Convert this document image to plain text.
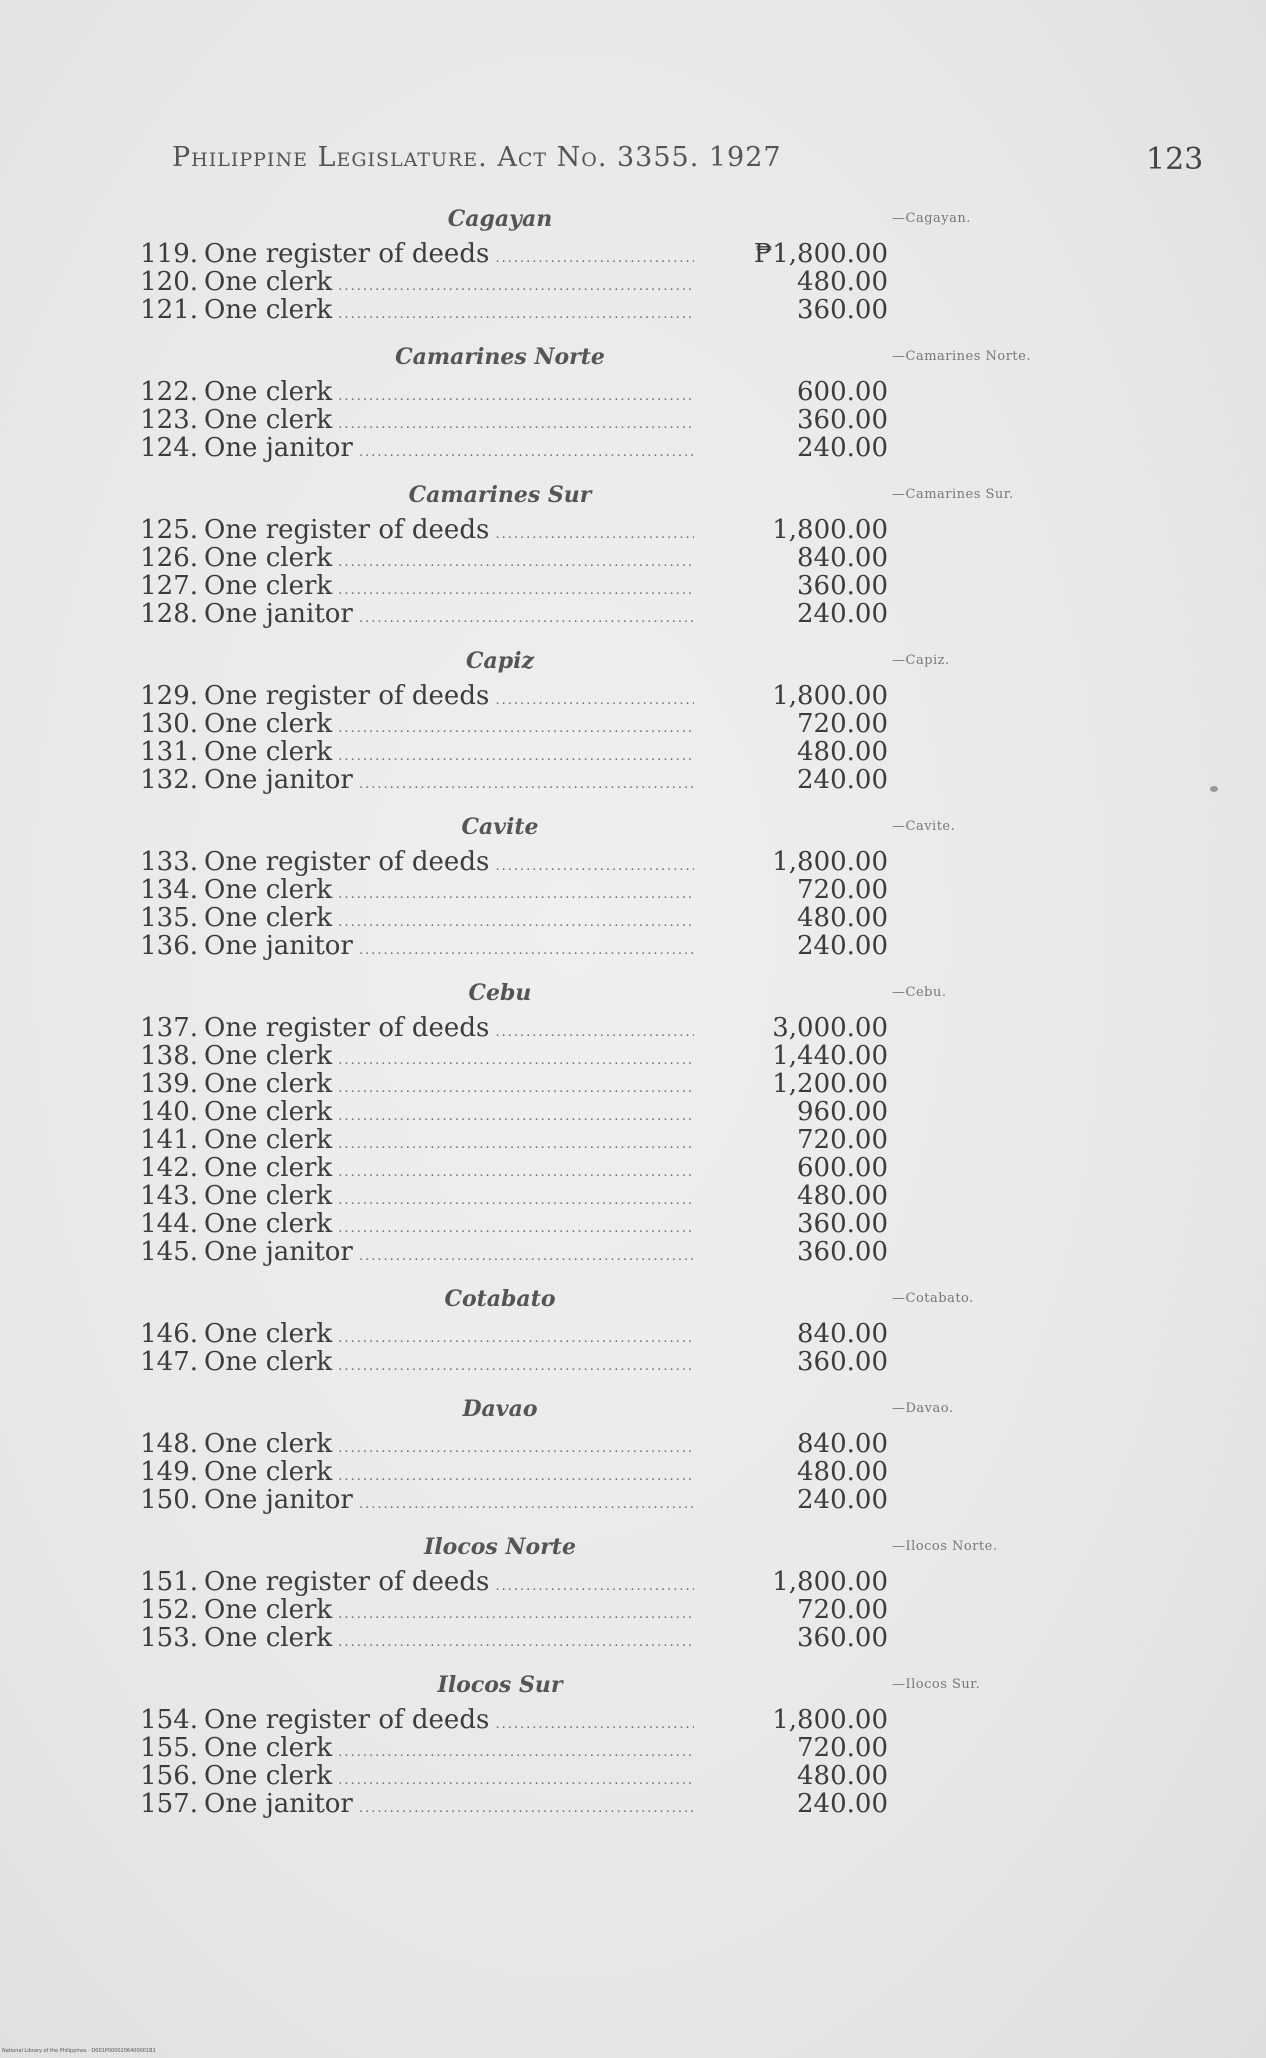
Philippine Legislature. Act No. 3355. 1927	123
Cagayan	—Cagayan.
119. One register of deeds .....	₱1,800.00
120. One clerk .....	480.00
121. One clerk .....	360.00
Camarines Norte	—Camarines Norte.
122. One clerk .....	600.00
123. One clerk .....	360.00
124. One janitor .....	240.00
Camarines Sur	—Camarines Sur.
125. One register of deeds .....	1,800.00
126. One clerk .....	840.00
127. One clerk .....	360.00
128. One janitor .....	240.00
Capiz	—Capiz.
129. One register of deeds .....	1,800.00
130. One clerk .....	720.00
131. One clerk .....	480.00
132. One janitor .....	240.00
Cavite	—Cavite.
133. One register of deeds .....	1,800.00
134. One clerk .....	720.00
135. One clerk .....	480.00
136. One janitor .....	240.00
Cebu	—Cebu.
137. One register of deeds .....	3,000.00
138. One clerk .....	1,440.00
139. One clerk .....	1,200.00
140. One clerk .....	960.00
141. One clerk .....	720.00
142. One clerk .....	600.00
143. One clerk .....	480.00
144. One clerk .....	360.00
145. One janitor .....	360.00
Cotabato	—Cotabato.
146. One clerk .....	840.00
147. One clerk .....	360.00
Davao	—Davao.
148. One clerk .....	840.00
149. One clerk .....	480.00
150. One janitor .....	240.00
Ilocos Norte	—Ilocos Norte.
151. One register of deeds .....	1,800.00
152. One clerk .....	720.00
153. One clerk .....	360.00
Ilocos Sur	—Ilocos Sur.
154. One register of deeds .....	1,800.00
155. One clerk .....	720.00
156. One clerk .....	480.00
157. One janitor .....	240.00
National Library of the Philippines · D001P0000206400001B1
